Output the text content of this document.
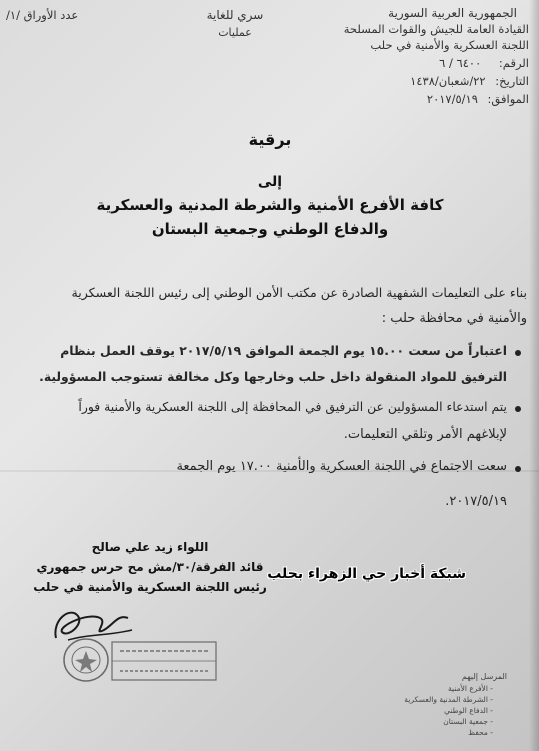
الجمهورية العربية السورية
القيادة العامة للجيش والقوات المسلحة
اللجنة العسكرية والأمنية في حلب
الرقم: ٦٤٠٠ / ٦
التاريخ: ٢٢/شعبان/١٤٣٨
الموافق: ٢٠١٧/٥/١٩
سري للغاية
عمليات
عدد الأوراق /١/
برقية
إلى
كافة الأفرع الأمنية والشرطة المدنية والعسكرية
والدفاع الوطني وجمعية البستان
بناء على التعليمات الشفهية الصادرة عن مكتب الأمن الوطني إلى رئيس اللجنة العسكرية
والأمنية في محافظة حلب :
اعتباراً من سعت ١٥.٠٠ يوم الجمعة الموافق ٢٠١٧/٥/١٩ يوقف العمل بنظام
الترفيق للمواد المنقولة داخل حلب وخارجها وكل مخالفة تستوجب المسؤولية.
يتم استدعاء المسؤولين عن الترفيق في المحافظة إلى اللجنة العسكرية والأمنية فوراً
لإبلاغهم الأمر وتلقي التعليمات.
سعت الاجتماع في اللجنة العسكرية والأمنية ١٧.٠٠ يوم الجمعة
٢٠١٧/٥/١٩.
اللواء زيد علي صالح
قائد الفرقة/٣٠/مش مح حرس جمهوري
رئيس اللجنة العسكرية والأمنية في حلب
شبكة أخبار حي الزهراء بحلب
المرسل إليهم
- الأفرع الأمنية
- الشرطة المدنية والعسكرية
- الدفاع الوطني
- جمعية البستان
- محفظ
